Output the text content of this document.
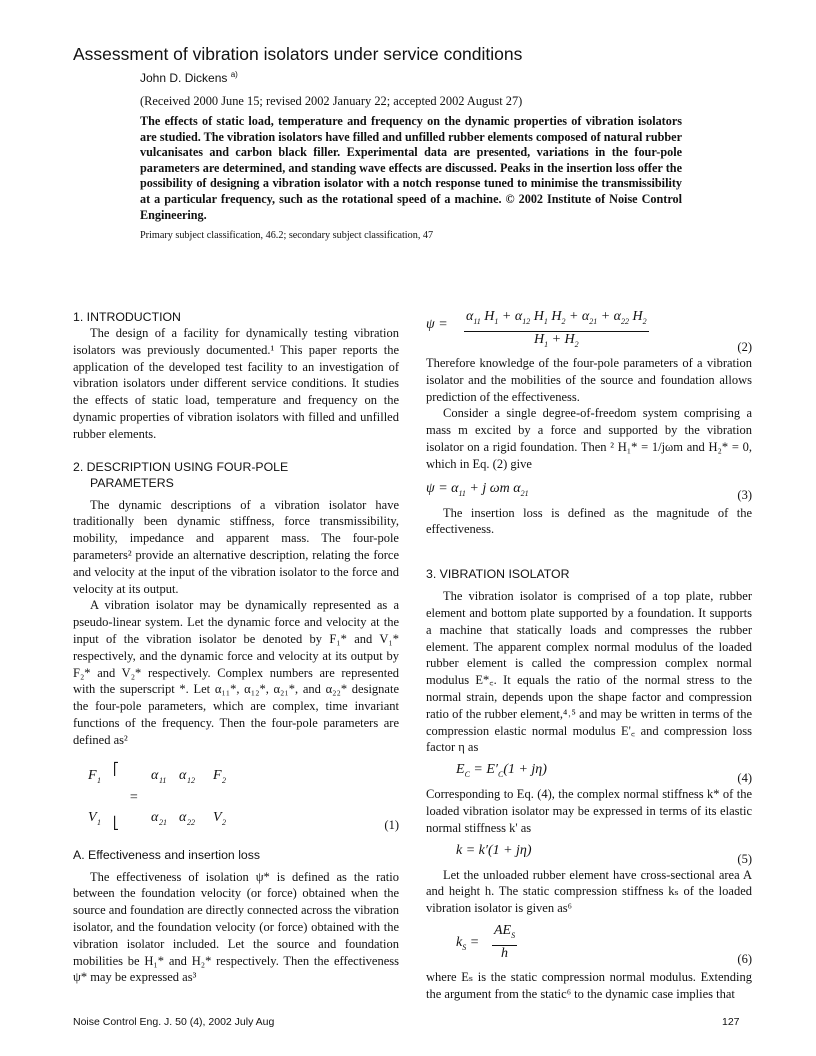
Assessment of vibration isolators under service conditions
John D. Dickens $^{a)}$
(Received 2000 June 15; revised 2002 January 22; accepted 2002 August 27)

The effects of static load, temperature and frequency on the dynamic properties of vibration isolators are studied. The vibration isolators have filled and unfilled rubber elements composed of natural rubber vulcanisates and carbon black filler. Experimental data are presented, variations in the four-pole parameters are determined, and standing wave effects are discussed. Peaks in the insertion loss offer the possibility of designing a vibration isolator with a notch response tuned to minimise the transmissibility at a particular frequency, such as the rotational speed of a machine. © 2002 Institute of Noise Control Engineering.

Primary subject classification, 46.2; secondary subject classification, 47
1. INTRODUCTION

The design of a facility for dynamically testing vibration isolators was previously documented.¹ This paper reports the application of the developed test facility to an investigation of vibration isolators under different service conditions. It studies the effects of static load, temperature and frequency on the dynamic properties of vibration isolators with filled and unfilled rubber elements.

2. DESCRIPTION USING FOUR-POLE
PARAMETERS

The dynamic descriptions of a vibration isolator have traditionally been dynamic stiffness, force transmissibility, mobility, impedance and apparent mass. The four-pole parameters² provide an alternative description, relating the force and velocity at the input of the vibration isolator to the force and velocity at its output.

A vibration isolator may be dynamically represented as a pseudo-linear system. Let the dynamic force and velocity at the input of the vibration isolator be denoted by F₁* and V₁* respectively, and the dynamic force and velocity at its output by F₂* and V₂* respectively. Complex numbers are represented with the superscript *. Let α₁₁*, α₁₂*, α₂₁*, and α₂₂* designate the four-pole parameters, which are complex, time invariant functions of the frequency. Then the four-pole parameters are defined as²

F 1
V 1
⎡
⎣
=
α 11 α 12
α 21 α 22
F 2
V 2	(1)
A. Effectiveness and insertion loss

The effectiveness of isolation ψ* is defined as the ratio between the foundation velocity (or force) obtained when the source and foundation are directly connected across the vibration isolator, and the foundation velocity (or force) obtained with the vibration isolator included. Let the source and foundation mobilities be H₁* and H₂* respectively. Then the effectiveness ψ* may be expressed as³

$\psi = \frac{\alpha_{11} H_1 + \alpha_{12} H_1 H_2 + \alpha_{21} + \alpha_{22} H_2}{H_1 + H_2}$	(2)

Therefore knowledge of the four-pole parameters of a vibration isolator and the mobilities of the source and foundation allows prediction of the effectiveness.

Consider a single degree-of-freedom system comprising a mass m excited by a force and supported by the vibration isolator on a rigid foundation. Then ² H₁* = 1/jωm and H₂* = 0, which in Eq. (2) give

$\psi = \alpha_{11} + j$ ωm $\alpha_{21}$	(3)

The insertion loss is defined as the magnitude of the effectiveness.

3. VIBRATION ISOLATOR

The vibration isolator is comprised of a top plate, rubber element and bottom plate supported by a foundation. It supports a machine that statically loads and compresses the rubber element. The apparent complex normal modulus of the loaded rubber element is called the compression complex normal modulus E*꜀. It equals the ratio of the normal stress to the normal strain, depends upon the shape factor and compression ratio of the rubber element,⁴˒⁵ and may be written in terms of the compression elastic normal modulus E'꜀ and compression loss factor η as

$E_C = E'_C(1 + j\eta)$
(4)

Corresponding to Eq. (4), the complex normal stiffness k* of the loaded vibration isolator may be expressed in terms of its elastic normal stiffness k' as

k = k′(1 + jη)
(5)

Let the unloaded rubber element have cross-sectional area A and height h. The static compression stiffness kₛ of the loaded vibration isolator is given as⁶

$k_S$ =
$AE_S$
h	(6)

where Eₛ is the static compression normal modulus. Extending the argument from the static⁶ to the dynamic case implies that

Noise Control Eng. J. 50 (4), 2002 July Aug	127
